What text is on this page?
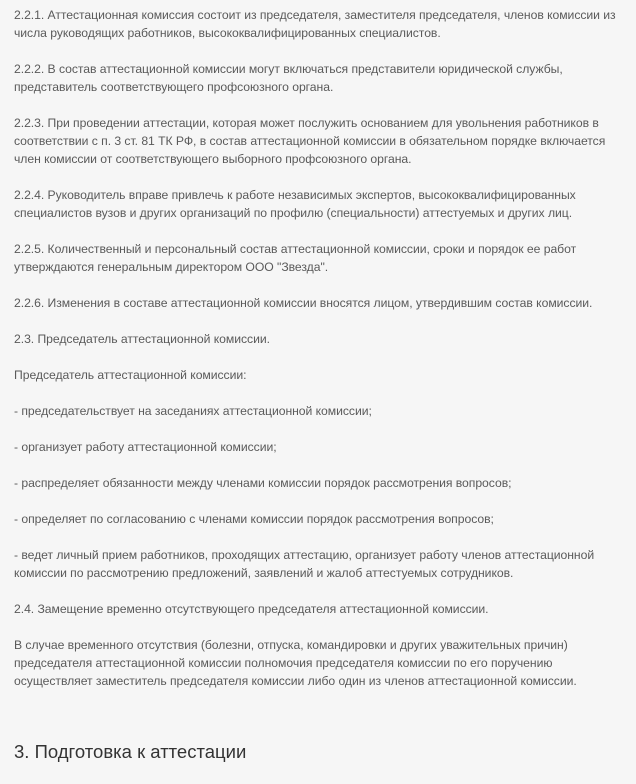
2.2.1. Аттестационная комиссия состоит из председателя, заместителя председателя, членов комиссии из числа руководящих работников, высококвалифицированных специалистов.

2.2.2. В состав аттестационной комиссии могут включаться представители юридической службы, представитель соответствующего профсоюзного органа.

2.2.3. При проведении аттестации, которая может послужить основанием для увольнения работников в соответствии с п. 3 ст. 81 ТК РФ, в состав аттестационной комиссии в обязательном порядке включается член комиссии от соответствующего выборного профсоюзного органа.

2.2.4. Руководитель вправе привлечь к работе независимых экспертов, высококвалифицированных специалистов вузов и других организаций по профилю (специальности) аттестуемых и других лиц.

2.2.5. Количественный и персональный состав аттестационной комиссии, сроки и порядок ее работ утверждаются генеральным директором ООО "Звезда".

2.2.6. Изменения в составе аттестационной комиссии вносятся лицом, утвердившим состав комиссии.

2.3. Председатель аттестационной комиссии.

Председатель аттестационной комиссии:

- председательствует на заседаниях аттестационной комиссии;

- организует работу аттестационной комиссии;

- распределяет обязанности между членами комиссии порядок рассмотрения вопросов;

- определяет по согласованию с членами комиссии порядок рассмотрения вопросов;

- ведет личный прием работников, проходящих аттестацию, организует работу членов аттестационной комиссии по рассмотрению предложений, заявлений и жалоб аттестуемых сотрудников.

2.4. Замещение временно отсутствующего председателя аттестационной комиссии.

В случае временного отсутствия (болезни, отпуска, командировки и других уважительных причин) председателя аттестационной комиссии полномочия председателя комиссии по его поручению осуществляет заместитель председателя комиссии либо один из членов аттестационной комиссии.

3. Подготовка к аттестации
